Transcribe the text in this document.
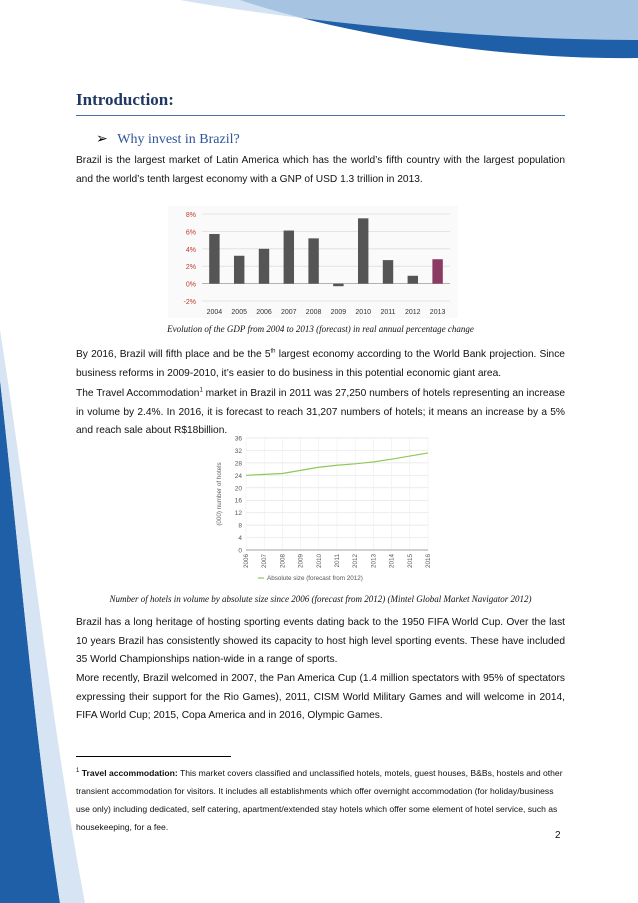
Introduction:
➢ Why invest in Brazil?

Brazil is the largest market of Latin America which has the world’s fifth country with the largest population and the world’s tenth largest economy with a GNP of USD 1.3 trillion in 2013.

8%
6%
4%
2%
0%
-2%
2004 2005 2006 2007 2008 2009 2010 2011 2012 2013

Evolution of the GDP from 2004 to 2013 (forecast) in real annual percentage change

By 2016, Brazil will fifth place and be the 5th largest economy according to the World Bank projection. Since business reforms in 2009-2010, it’s easier to do business in this potential economic giant area.

The Travel Accommodation$^1$ market in Brazil in 2011 was 27,250 numbers of hotels representing an increase in volume by 2.4%. In 2016, it is forecast to reach 31,207 numbers of hotels; it means an increase by a 5% and reach sale about R$18billion.

0
4
8
12
16
20
24
28
32
36
2006 2007 2008 2009 2010 2011 2012 2013 2014 2015 2016
(000) number of hotels
Absolute size (forecast from 2012)

Number of hotels in volume by absolute size since 2006 (forecast from 2012) (Mintel Global Market Navigator 2012)

Brazil has a long heritage of hosting sporting events dating back to the 1950 FIFA World Cup. Over the last 10 years Brazil has consistently showed its capacity to host high level sporting events. These have included 35 World Championships nation-wide in a range of sports.

More recently, Brazil welcomed in 2007, the Pan America Cup (1.4 million spectators with 95% of spectators expressing their support for the Rio Games), 2011, CISM World Military Games and will welcome in 2014, FIFA World Cup; 2015, Copa America and in 2016, Olympic Games.

$^1$ Travel accommodation: This market covers classified and unclassified hotels, motels, guest houses, B&Bs, hostels and other transient accommodation for visitors. It includes all establishments which offer overnight accommodation (for holiday/business use only) including dedicated, self catering, apartment/extended stay hotels which offer some element of hotel service, such as housekeeping, for a fee.

2
